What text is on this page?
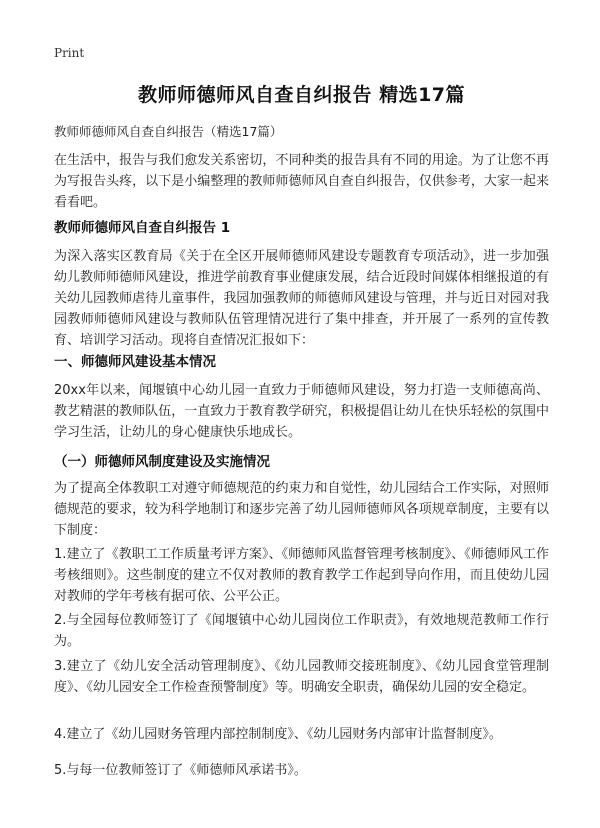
Print
教师师德师风自查自纠报告 精选17篇
教师师德师风自查自纠报告（精选17篇）
在生活中，报告与我们愈发关系密切，不同种类的报告具有不同的用途。为了让您不再为写报告头疼，以下是小编整理的教师师德师风自查自纠报告，仅供参考，大家一起来看看吧。
教师师德师风自查自纠报告 1
为深入落实区教育局《关于在全区开展师德师风建设专题教育专项活动》，进一步加强幼儿教师师德师风建设，推进学前教育事业健康发展，结合近段时间媒体相继报道的有关幼儿园教师虐待儿童事件，我园加强教师的师德师风建设与管理，并与近日对园对我园教师师德师风建设与教师队伍管理情况进行了集中排查，并开展了一系列的宣传教育、培训学习活动。现将自查情况汇报如下：
一、师德师风建设基本情况
20xx年以来，闻堰镇中心幼儿园一直致力于师德师风建设，努力打造一支师德高尚、教艺精湛的教师队伍，一直致力于教育教学研究，积极提倡让幼儿在快乐轻松的氛围中学习生活，让幼儿的身心健康快乐地成长。
（一）师德师风制度建设及实施情况
为了提高全体教职工对遵守师德规范的约束力和自觉性，幼儿园结合工作实际，对照师德规范的要求，较为科学地制订和逐步完善了幼儿园师德师风各项规章制度，主要有以下制度：
1.建立了《教职工工作质量考评方案》、《师德师风监督管理考核制度》、《师德师风工作考核细则》。这些制度的建立不仅对教师的教育教学工作起到导向作用，而且使幼儿园对教师的学年考核有据可依、公平公正。
2.与全园每位教师签订了《闻堰镇中心幼儿园岗位工作职责》，有效地规范教师工作行为。
3.建立了《幼儿安全活动管理制度》、《幼儿园教师交接班制度》、《幼儿园食堂管理制度》、《幼儿园安全工作检查预警制度》等。明确安全职责，确保幼儿园的安全稳定。
4.建立了《幼儿园财务管理内部控制制度》、《幼儿园财务内部审计监督制度》。
5.与每一位教师签订了《师德师风承诺书》。
